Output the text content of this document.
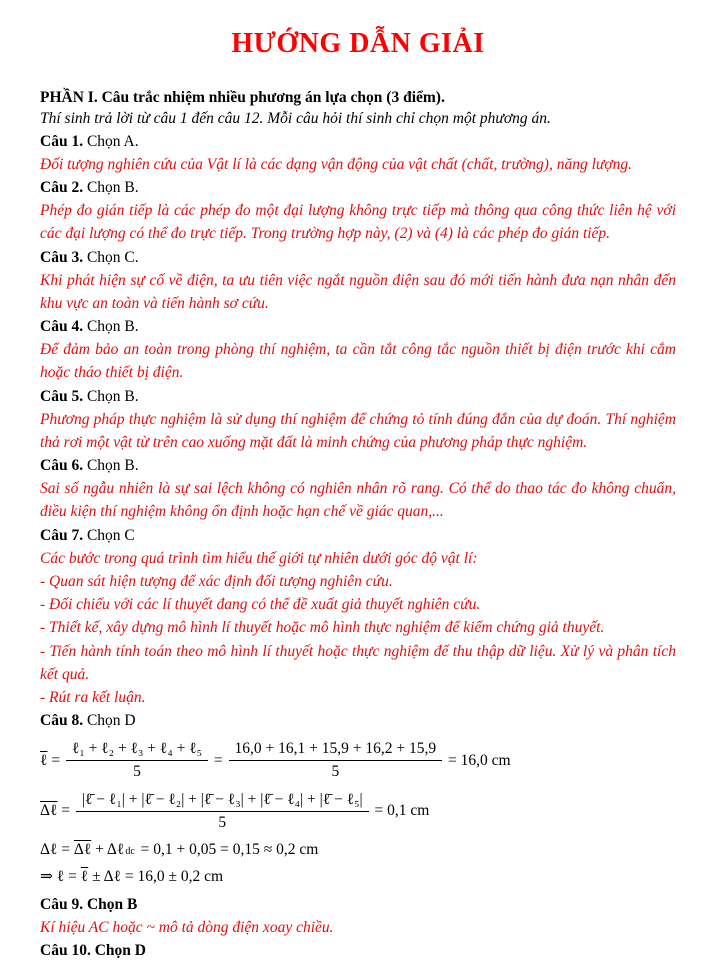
HƯỚNG DẪN GIẢI
PHẦN I. Câu trắc nhiệm nhiều phương án lựa chọn (3 điểm).
Thí sinh trả lời từ câu 1 đến câu 12. Mỗi câu hỏi thí sinh chỉ chọn một phương án.
Câu 1. Chọn A.
Đối tượng nghiên cứu của Vật lí là các dạng vận động của vật chất (chất, trường), năng lượng.
Câu 2. Chọn B.
Phép đo gián tiếp là các phép đo một đại lượng không trực tiếp mà thông qua công thức liên hệ với các đại lượng có thể đo trực tiếp. Trong trường hợp này, (2) và (4) là các phép đo gián tiếp.
Câu 3. Chọn C.
Khi phát hiện sự cố về điện, ta ưu tiên việc ngắt nguồn điện sau đó mới tiến hành đưa nạn nhân đến khu vực an toàn và tiến hành sơ cứu.
Câu 4. Chọn B.
Để đảm bảo an toàn trong phòng thí nghiệm, ta cần tắt công tắc nguồn thiết bị điện trước khi cắm hoặc tháo thiết bị điện.
Câu 5. Chọn B.
Phương pháp thực nghiệm là sử dụng thí nghiệm để chứng tỏ tính đúng đắn của dự đoán. Thí nghiệm thả rơi một vật từ trên cao xuống mặt đất là minh chứng của phương pháp thực nghiệm.
Câu 6. Chọn B.
Sai số ngẫu nhiên là sự sai lệch không có nghiên nhân rõ rang. Có thể do thao tác đo không chuẩn, điều kiện thí nghiệm không ổn định hoặc hạn chế về giác quan,...
Câu 7. Chọn C
Các bước trong quá trình tìm hiểu thế giới tự nhiên dưới góc độ vật lí:
- Quan sát hiện tượng để xác định đối tượng nghiên cứu.
- Đối chiếu với các lí thuyết đang có thể đề xuất giả thuyết nghiên cứu.
- Thiết kế, xây dựng mô hình lí thuyết hoặc mô hình thực nghiệm để kiểm chứng giả thuyết.
- Tiến hành tính toán theo mô hình lí thuyết hoặc thực nghiệm để thu thập dữ liệu. Xử lý và phân tích kết quả.
- Rút ra kết luận.
Câu 8. Chọn D
ℓ = $\frac{\text{ℓ₁ + ℓ₂ + ℓ₃ + ℓ₄ + ℓ₅}}{5} = \frac{16,0 + 16,1 + 15,9 + 16,2 + 15,9}{5} = 16,0$ cm
Δℓ = $\frac{\text{|ℓ̄ − ℓ₁| + |ℓ̄ − ℓ₂| + |ℓ̄ − ℓ₃| + |ℓ̄ − ℓ₄| + |ℓ̄ − ℓ₅|}}{5} = 0,1$ cm
Δℓ = Δℓ + Δℓ dc = 0,1 + 0,05 = 0,15 ≈ 0,2 cm
⇒ ℓ = ℓ ± Δℓ = 16,0 ± 0,2 cm
Câu 9. Chọn B
Kí hiệu AC hoặc ~ mô tả dòng điện xoay chiều.
Câu 10. Chọn D
